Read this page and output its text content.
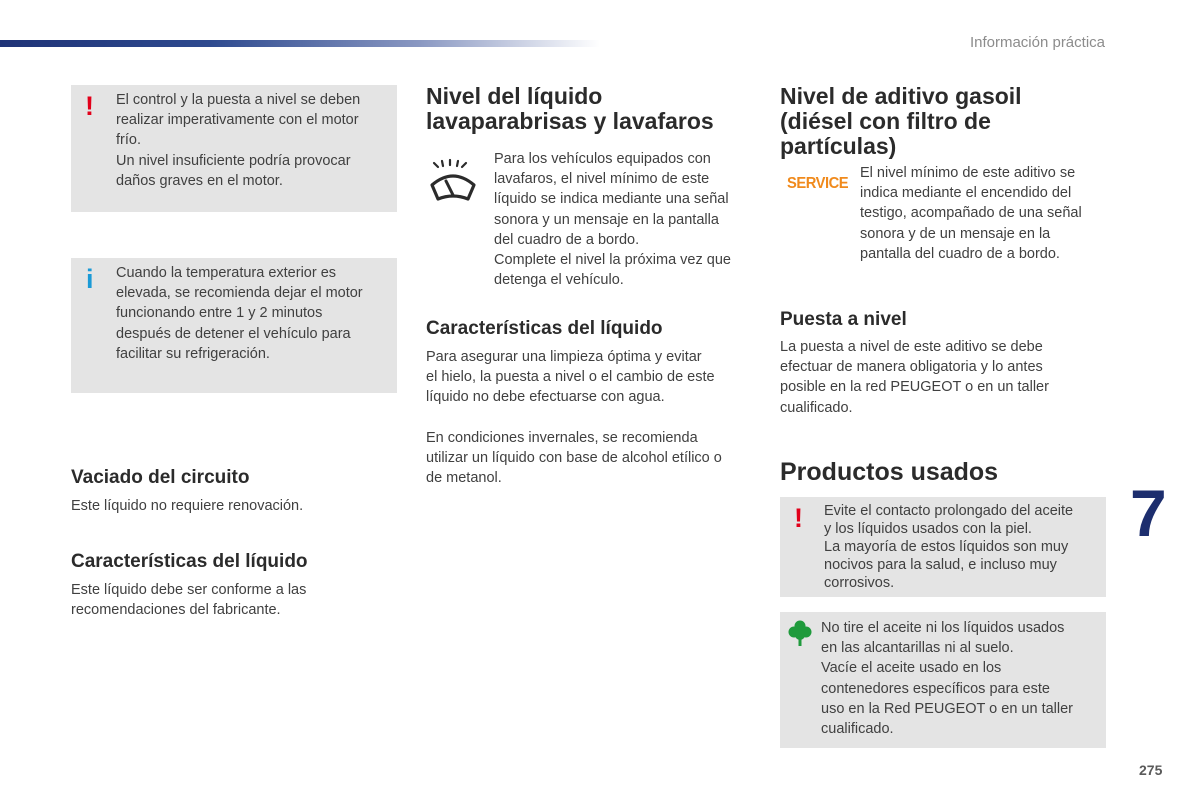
Información práctica
! El control y la puesta a nivel se deben

realizar imperativamente con el motor

frío.

Un nivel insuficiente podría provocar

daños graves en el motor.

i Cuando la temperatura exterior es

elevada, se recomienda dejar el motor

funcionando entre 1 y 2 minutos

después de detener el vehículo para

facilitar su refrigeración.

Vaciado del circuito

Este líquido no requiere renovación.

Características del líquido

Este líquido debe ser conforme a las

recomendaciones del fabricante.

Nivel del líquido
lavaparabrisas y lavafaros

Para los vehículos equipados con

lavafaros, el nivel mínimo de este

líquido se indica mediante una señal

sonora y un mensaje en la pantalla

del cuadro de a bordo.

Complete el nivel la próxima vez que

detenga el vehículo.

Características del líquido

Para asegurar una limpieza óptima y evitar

el hielo, la puesta a nivel o el cambio de este

líquido no debe efectuarse con agua.

En condiciones invernales, se recomienda

utilizar un líquido con base de alcohol etílico o

de metanol.

Nivel de aditivo gasoil
(diésel con filtro de
partículas)
SERVICE

El nivel mínimo de este aditivo se

indica mediante el encendido del

testigo, acompañado de una señal

sonora y de un mensaje en la

pantalla del cuadro de a bordo.

Puesta a nivel

La puesta a nivel de este aditivo se debe

efectuar de manera obligatoria y lo antes

posible en la red PEUGEOT o en un taller

cualificado.

Productos usados
! Evite el contacto prolongado del aceite

y los líquidos usados con la piel.

La mayoría de estos líquidos son muy

nocivos para la salud, e incluso muy

corrosivos.

No tire el aceite ni los líquidos usados

en las alcantarillas ni al suelo.

Vacíe el aceite usado en los

contenedores específicos para este

uso en la Red PEUGEOT o en un taller

cualificado.

7
275
